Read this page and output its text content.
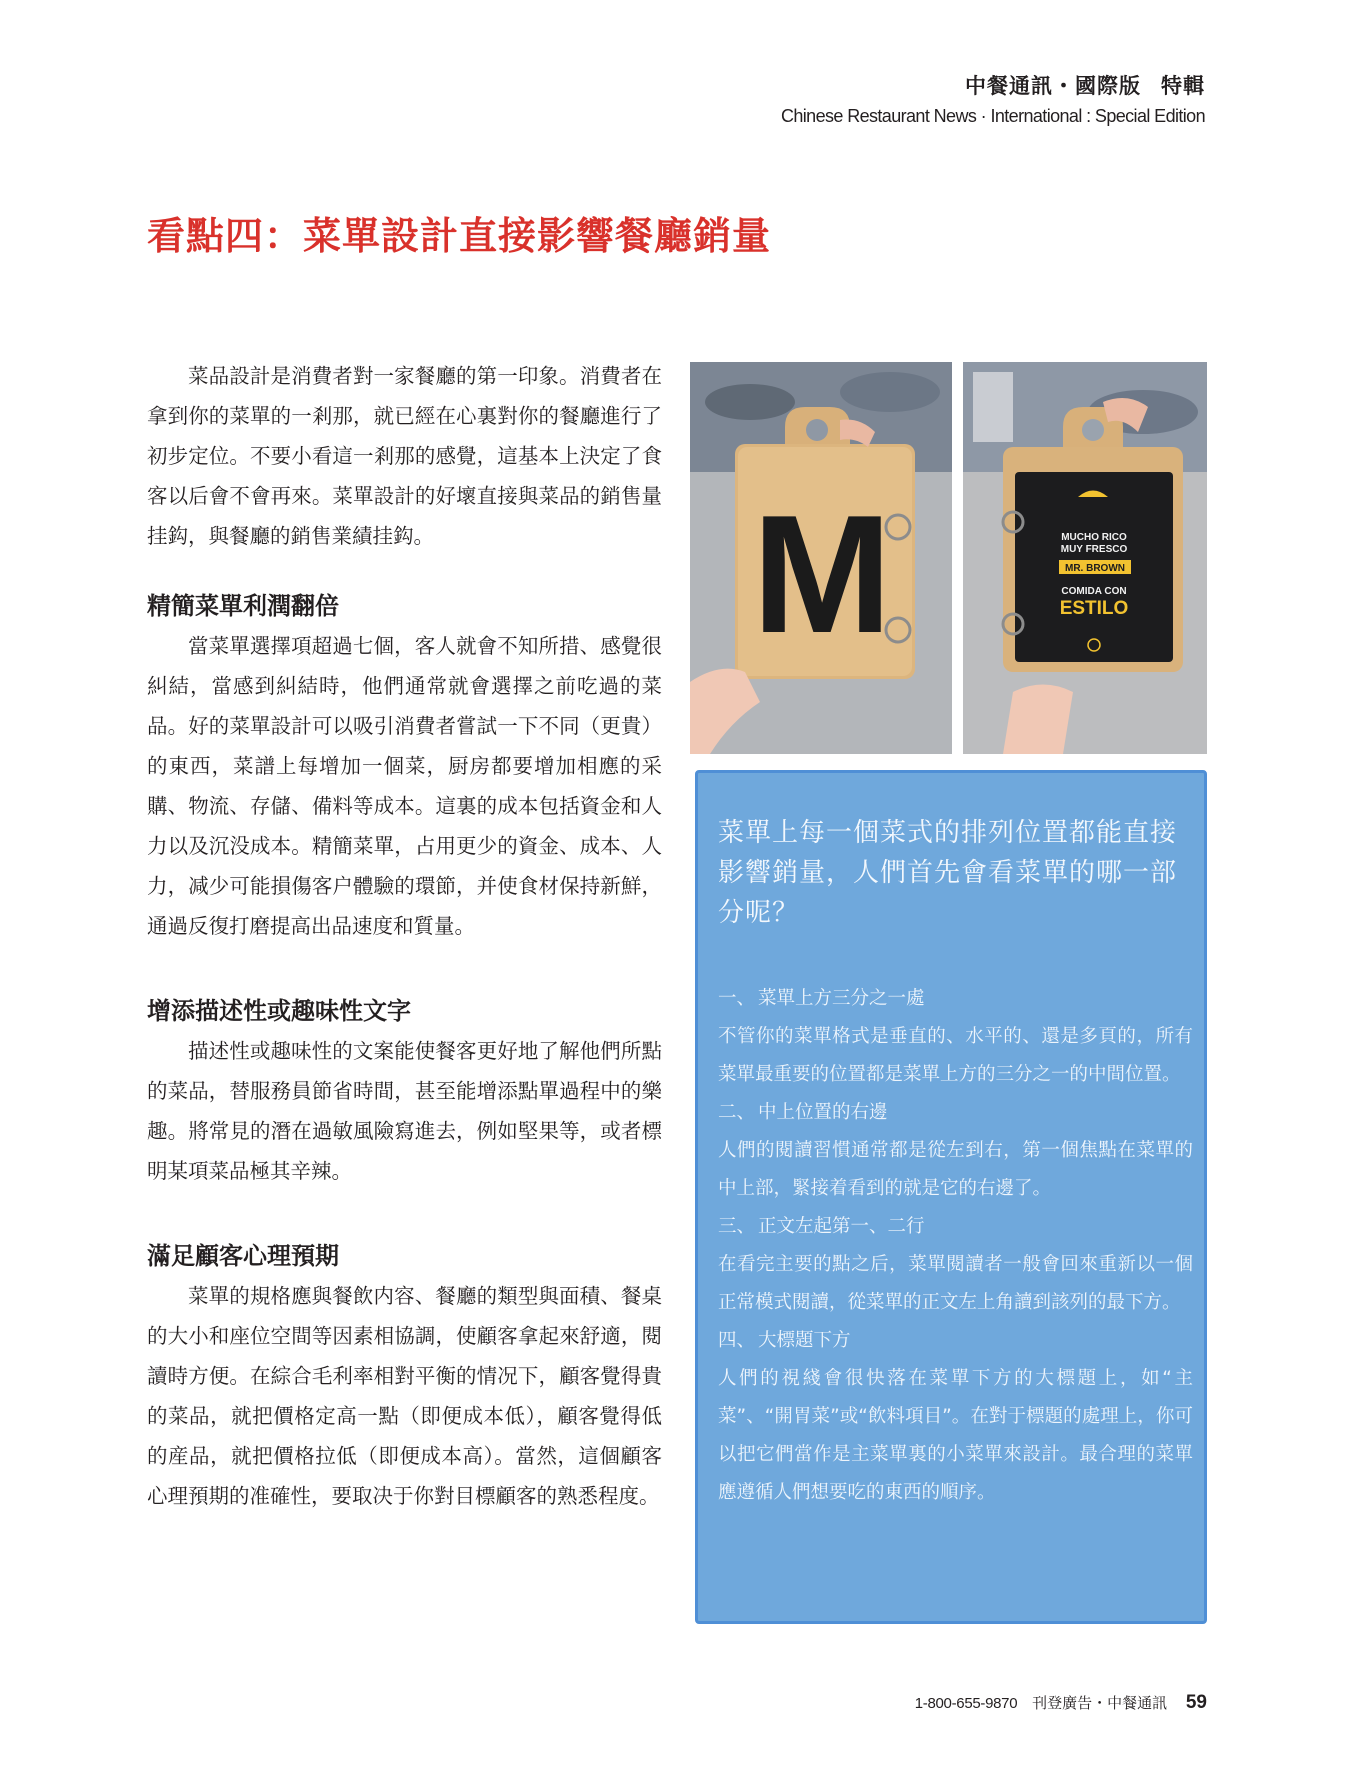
中餐通訊・國際版 特輯
Chinese Restaurant News · International : Special Edition
看點四：菜單設計直接影響餐廳銷量

菜品設計是消費者對一家餐廳的第一印象。消費者在拿到你的菜單的一剎那，就已經在心裏對你的餐廳進行了初步定位。不要小看這一剎那的感覺，這基本上決定了食客以后會不會再來。菜單設計的好壞直接與菜品的銷售量挂鈎，與餐廳的銷售業績挂鈎。

精簡菜單利潤翻倍

當菜單選擇項超過七個，客人就會不知所措、感覺很糾結，當感到糾結時，他們通常就會選擇之前吃過的菜品。好的菜單設計可以吸引消費者嘗試一下不同（更貴）的東西，菜譜上每增加一個菜，厨房都要增加相應的采購、物流、存儲、備料等成本。這裏的成本包括資金和人力以及沉没成本。精簡菜單，占用更少的資金、成本、人力，减少可能損傷客户體驗的環節，并使食材保持新鮮，通過反復打磨提高出品速度和質量。

增添描述性或趣味性文字

描述性或趣味性的文案能使餐客更好地了解他們所點的菜品，替服務員節省時間，甚至能增添點單過程中的樂趣。將常見的潛在過敏風險寫進去，例如堅果等，或者標明某項菜品極其辛辣。

滿足顧客心理預期

菜單的規格應與餐飲内容、餐廳的類型與面積、餐桌的大小和座位空間等因素相協調，使顧客拿起來舒適，閱讀時方便。在綜合毛利率相對平衡的情况下，顧客覺得貴的菜品，就把價格定高一點（即便成本低），顧客覺得低的産品，就把價格拉低（即便成本高）。當然，這個顧客心理預期的准確性，要取决于你對目標顧客的熟悉程度。

M	MUCHO RICO
MUY FRESCO
MR. BROWN
COMIDA CON
ESTILO
菜單上每一個菜式的排列位置都能直接影響銷量，人們首先會看菜單的哪一部分呢？

一、 菜單上方三分之一處

不管你的菜單格式是垂直的、水平的、還是多頁的，所有菜單最重要的位置都是菜單上方的三分之一的中間位置。

二、 中上位置的右邊

人們的閱讀習慣通常都是從左到右，第一個焦點在菜單的中上部，緊接着看到的就是它的右邊了。

三、 正文左起第一、二行

在看完主要的點之后，菜單閱讀者一般會回來重新以一個正常模式閱讀，從菜單的正文左上角讀到該列的最下方。

四、 大標題下方

人們的視綫會很快落在菜單下方的大標題上，如“主菜”、“開胃菜”或“飲料項目”。在對于標題的處理上，你可以把它們當作是主菜單裏的小菜單來設計。最合理的菜單應遵循人們想要吃的東西的順序。

1-800-655-9870 刊登廣告・中餐通訊 59
